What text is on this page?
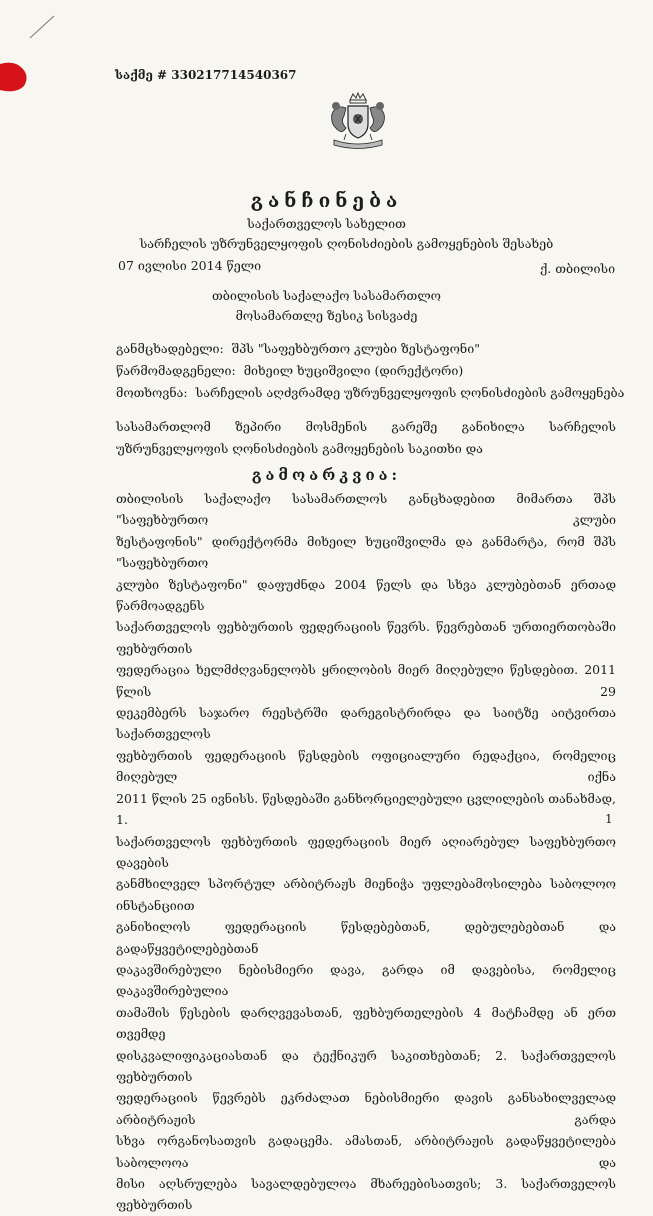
საქმე # 330217714540367
განჩინება
საქართველოს სახელით
სარჩელის უზრუნველყოფის ღონისძიების გამოყენების შესახებ
07 ივლისი 2014 წელი	ქ. თბილისი
თბილისის საქალაქო სასამართლო
მოსამართლე ზესიკ სისვაძე
განმცხადებელი: შპს "საფეხბურთო კლუბი ზესტაფონი"
წარმომადგენელი: მიხეილ ხუციშვილი (დირექტორი)
მოთხოვნა: სარჩელის აღძვრამდე უზრუნველყოფის ღონისძიების გამოყენება
სასამართლომ ზეპირი მოსმენის გარეშე განიხილა სარჩელის უზრუნველყოფის ღონისძიების გამოყენების საკითხი და
გამოარკვია:
თბილისის საქალაქო სასამართლოს განცხადებით მიმართა შპს "საფეხბურთო კლუბი
ზესტაფონის" დირექტორმა მიხეილ ხუციშვილმა და განმარტა, რომ შპს "საფეხბურთო
კლუბი ზესტაფონი" დაფუძნდა 2004 წელს და სხვა კლუბებთან ერთად წარმოადგენს
საქართველოს ფეხბურთის ფედერაციის წევრს. წევრებთან ურთიერთობაში ფეხბურთის
ფედერაცია ხელმძღვანელობს ყრილობის მიერ მიღებული წესდებით. 2011 წლის 29
დეკემბერს საჯარო რეესტრში დარეგისტრირდა და საიტზე აიტვირთა საქართველოს
ფეხბურთის ფედერაციის წესდების ოფიციალური რედაქცია, რომელიც მიღებულ იქნა
2011 წლის 25 ივნისს. წესდებაში განხორციელებული ცვლილების თანახმად, 1.
საქართველოს ფეხბურთის ფედერაციის მიერ აღიარებულ საფეხბურთო დავების
განმხილველ სპორტულ არბიტრაჟს მიენიჭა უფლებამოსილება საბოლოო ინსტანციით
განიხილოს ფედერაციის წესდებებთან, დებულებებთან და გადაწყვეტილებებთან
დაკავშირებული ნებისმიერი დავა, გარდა იმ დავებისა, რომელიც დაკავშირებულია
თამაშის წესების დარღვევასთან, ფეხბურთელების 4 მატჩამდე ან ერთ თვემდე
დისკვალიფიკაციასთან და ტექნიკურ საკითხებთან; 2. საქართველოს ფეხბურთის
ფედერაციის წევრებს ეკრძალათ ნებისმიერი დავის განსახილველად არბიტრაჟის გარდა
სხვა ორგანოსათვის გადაცემა. ამასთან, არბიტრაჟის გადაწყვეტილება საბოლოოა და
მისი აღსრულება სავალდებულოა მხარეებისათვის; 3. საქართველოს ფეხბურთის
1
